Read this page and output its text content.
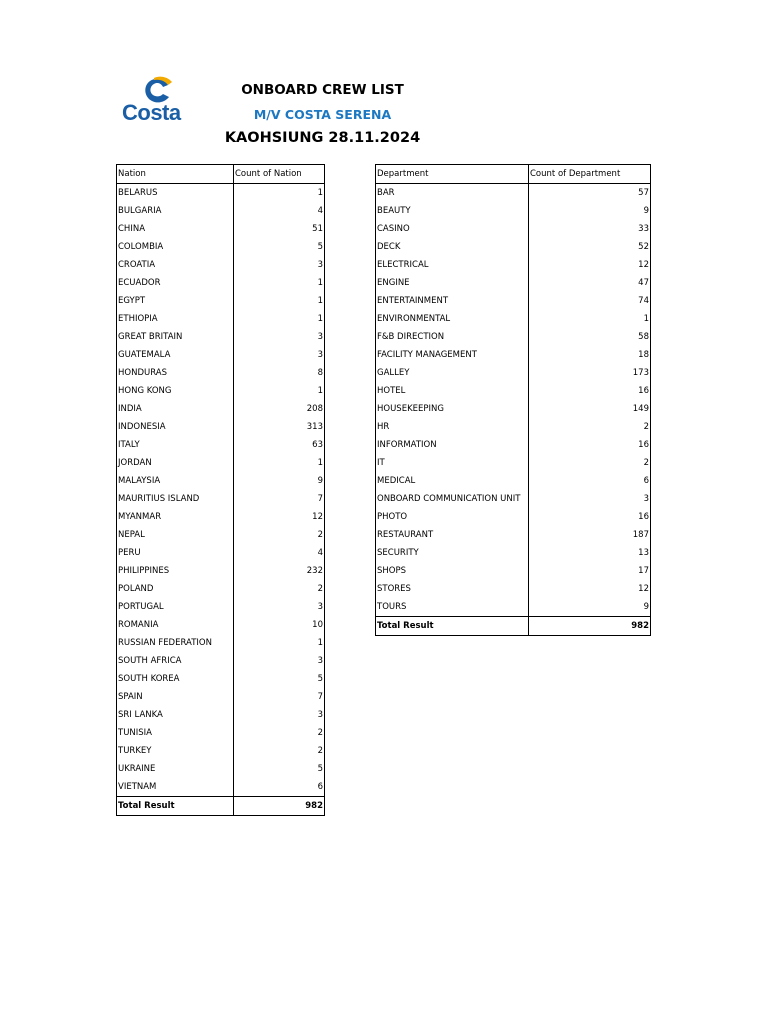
Costa
ONBOARD CREW LIST
M/V COSTA SERENA
KAOHSIUNG 28.11.2024
Nation	Count of Nation
BELARUS	1
BULGARIA	4
CHINA	51
COLOMBIA	5
CROATIA	3
ECUADOR	1
EGYPT	1
ETHIOPIA	1
GREAT BRITAIN	3
GUATEMALA	3
HONDURAS	8
HONG KONG	1
INDIA	208
INDONESIA	313
ITALY	63
JORDAN	1
MALAYSIA	9
MAURITIUS ISLAND	7
MYANMAR	12
NEPAL	2
PERU	4
PHILIPPINES	232
POLAND	2
PORTUGAL	3
ROMANIA	10
RUSSIAN FEDERATION	1
SOUTH AFRICA	3
SOUTH KOREA	5
SPAIN	7
SRI LANKA	3
TUNISIA	2
TURKEY	2
UKRAINE	5
VIETNAM	6
Total Result	982
Department	Count of Department
BAR	57
BEAUTY	9
CASINO	33
DECK	52
ELECTRICAL	12
ENGINE	47
ENTERTAINMENT	74
ENVIRONMENTAL	1
F&B DIRECTION	58
FACILITY MANAGEMENT	18
GALLEY	173
HOTEL	16
HOUSEKEEPING	149
HR	2
INFORMATION	16
IT	2
MEDICAL	6
ONBOARD COMMUNICATION UNIT	3
PHOTO	16
RESTAURANT	187
SECURITY	13
SHOPS	17
STORES	12
TOURS	9
Total Result	982
